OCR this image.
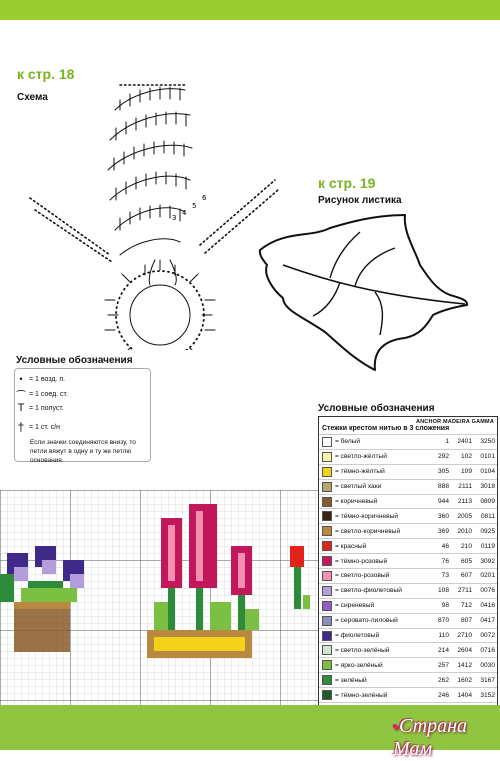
к стр. 18
Схема
3
4
5
6
к стр. 19
Рисунок листика
Условные обозначения
• = 1 возд. п.
⌒ = 1 соед. ст.
T = 1 полуст.
† = 1 ст. с/н
Если значки соединяются внизу, то петли вяжут в одну и ту же петлю основания.
Условные обозначения
ANCHOR MADEIRA GAMMA
Стежки крестом нитью в 3 сложения
= белый	1	2401	3250
= светло-жёлтый	292	102	0101
= тёмно-жёлтый	305	109	0104
= светлый хаки	888	2111	3018
= коричневый	944	2113	0809
= тёмно-коричневый	360	2005	0811
= светло-коричневый	369	2010	0925
= красный	46	210	0119
= тёмно-розовый	76	605	3092
= светло-розовый	73	607	0201
= светло-фиолетовый	108	2711	0076
= сиреневый	98	712	0416
= серовато-лиловый	870	807	0417
= фиолетовый	110	2710	0072
= светло-зелёный	214	2604	0716
= ярко-зелёный	257	1412	0030
= зелёный	262	1602	3167
= тёмно-зелёный	246	1404	3152
●Страна Мам
